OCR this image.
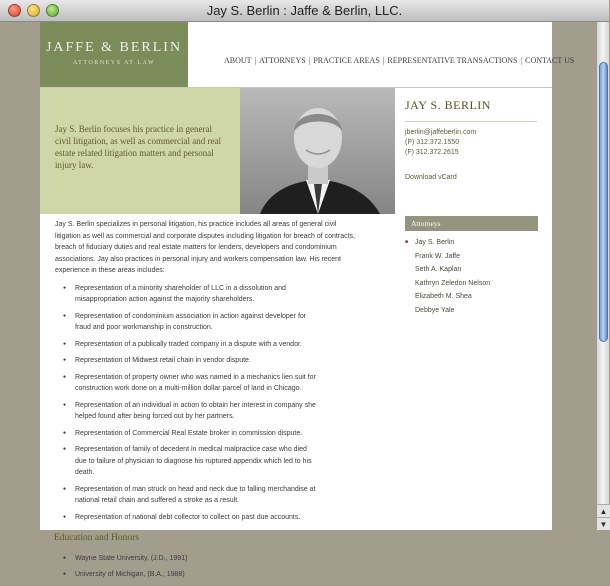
Jay S. Berlin : Jaffe & Berlin, LLC.
▲
▼
JAFFE & BERLIN
ATTORNEYS AT LAW	ABOUT | ATTORNEYS | PRACTICE AREAS | REPRESENTATIVE TRANSACTIONS | CONTACT US
Jay S. Berlin focuses his practice in general civil litigation, as well as commercial and real estate related litigation matters and personal injury law.
JAY S. BERLIN
jberlin@jaffeberlin.com
(P) 312.372.1550
(F) 312.372.2615
Download vCard

Jay S. Berlin specializes in personal litigation, his practice includes all areas of general civil litigation as well as commercial and corporate disputes including litigation for breach of contracts, breach of fiduciary duties and real estate matters for lenders, developers and condominium associations. Jay also practices in personal injury and workers compensation law. His recent experience in these areas includes:

● Representation of a minority shareholder of LLC in a dissolution and misappropriation action against the majority shareholders.
● Representation of condominium association in action against developer for fraud and poor workmanship in construction.
● Representation of a publically traded company in a dispute with a vendor.
● Representation of Midwest retail chain in vendor dispute.
● Representation of property owner who was named in a mechanics lien suit for construction work done on a multi-million dollar parcel of land in Chicago.
● Representation of an individual in action to obtain her interest in company she helped found after being forced out by her partners.
● Representation of Commercial Real Estate broker in commission dispute.
● Representation of family of decedent in medical malpractice case who died due to failure of physician to diagnose his ruptured appendix which led to his death.
● Representation of man struck on head and neck due to falling merchandise at national retail chain and suffered a stroke as a result.
● Representation of national debt collector to collect on past due accounts.
Education and Honors
● Wayne State University, (J.D., 1991)
● University of Michigan, (B.A., 1988)
Attorneys
■ Jay S. Berlin
Frank W. Jaffe
Seth A. Kaplan
Kathryn Zeledon Nelson
Elizabeth M. Shea
Debbye Yale
